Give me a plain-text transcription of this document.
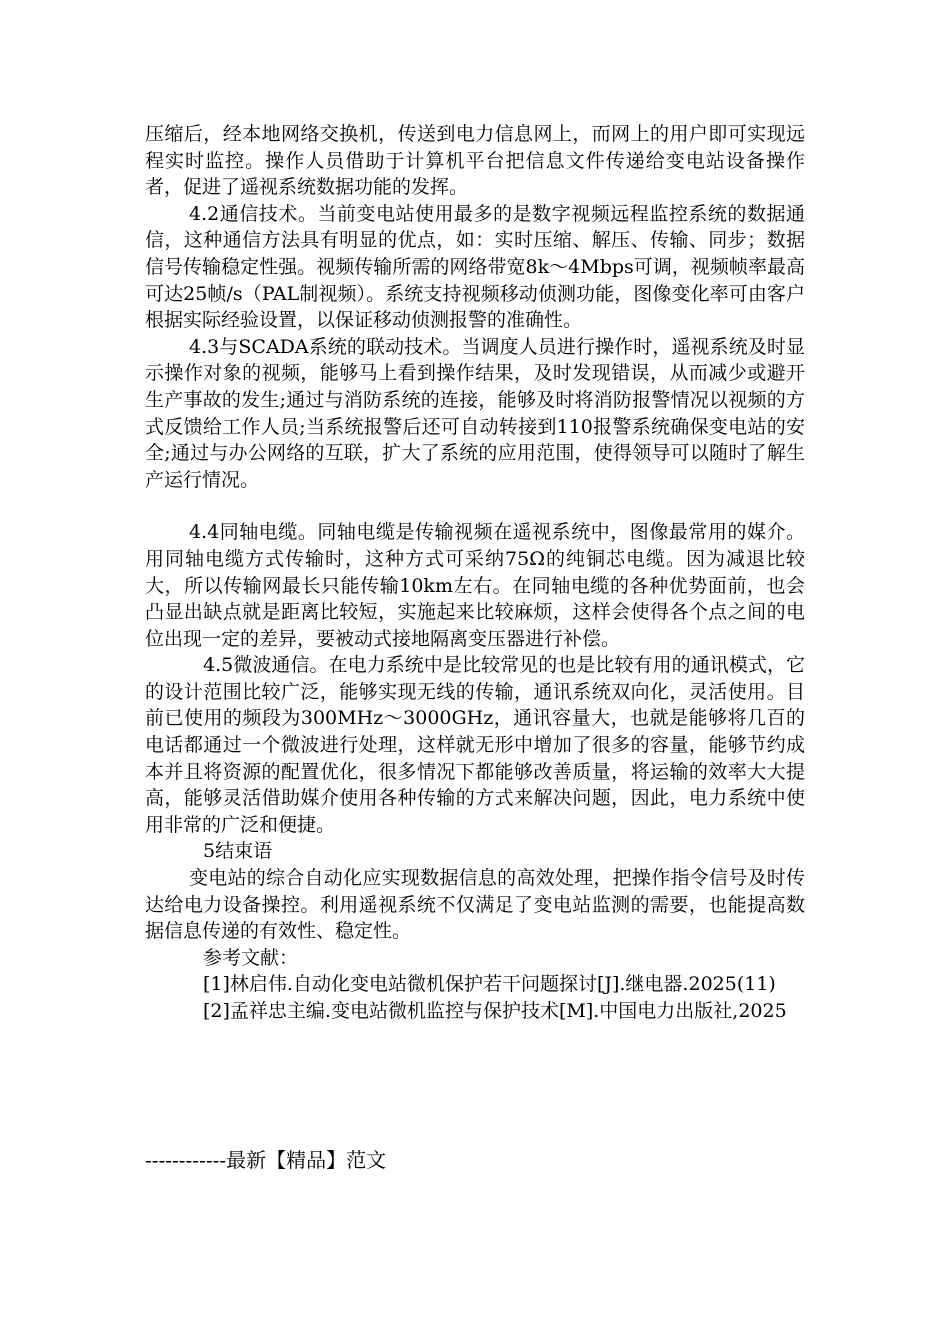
压缩后，经本地网络交换机，传送到电力信息网上，而网上的用户即可实现远程实时监控。操作人员借助于计算机平台把信息文件传递给变电站设备操作者，促进了遥视系统数据功能的发挥。

4.2通信技术。当前变电站使用最多的是数字视频远程监控系统的数据通信，这种通信方法具有明显的优点，如：实时压缩、解压、传输、同步；数据信号传输稳定性强。视频传输所需的网络带宽8k～4Mbps可调，视频帧率最高可达25帧/s（PAL制视频）。系统支持视频移动侦测功能，图像变化率可由客户根据实际经验设置，以保证移动侦测报警的准确性。

4.3与SCADA系统的联动技术。当调度人员进行操作时，遥视系统及时显示操作对象的视频，能够马上看到操作结果，及时发现错误，从而减少或避开生产事故的发生;通过与消防系统的连接，能够及时将消防报警情况以视频的方式反馈给工作人员;当系统报警后还可自动转接到110报警系统确保变电站的安全;通过与办公网络的互联，扩大了系统的应用范围，使得领导可以随时了解生产运行情况。

4.4同轴电缆。同轴电缆是传输视频在遥视系统中，图像最常用的媒介。用同轴电缆方式传输时，这种方式可采纳75Ω的纯铜芯电缆。因为减退比较大，所以传输网最长只能传输10km左右。在同轴电缆的各种优势面前，也会凸显出缺点就是距离比较短，实施起来比较麻烦，这样会使得各个点之间的电位出现一定的差异，要被动式接地隔离变压器进行补偿。

4.5微波通信。在电力系统中是比较常见的也是比较有用的通讯模式，它的设计范围比较广泛，能够实现无线的传输，通讯系统双向化，灵活使用。目前已使用的频段为300MHz～3000GHz，通讯容量大，也就是能够将几百的电话都通过一个微波进行处理，这样就无形中增加了很多的容量，能够节约成本并且将资源的配置优化，很多情况下都能够改善质量，将运输的效率大大提高，能够灵活借助媒介使用各种传输的方式来解决问题，因此，电力系统中使用非常的广泛和便捷。

5结束语

变电站的综合自动化应实现数据信息的高效处理，把操作指令信号及时传达给电力设备操控。利用遥视系统不仅满足了变电站监测的需要，也能提高数据信息传递的有效性、稳定性。

参考文献：

[1]林启伟.自动化变电站微机保护若干问题探讨[J].继电器.2025(11)

[2]孟祥忠主编.变电站微机监控与保护技术[M].中国电力出版社,2025

------------最新【精品】范文
